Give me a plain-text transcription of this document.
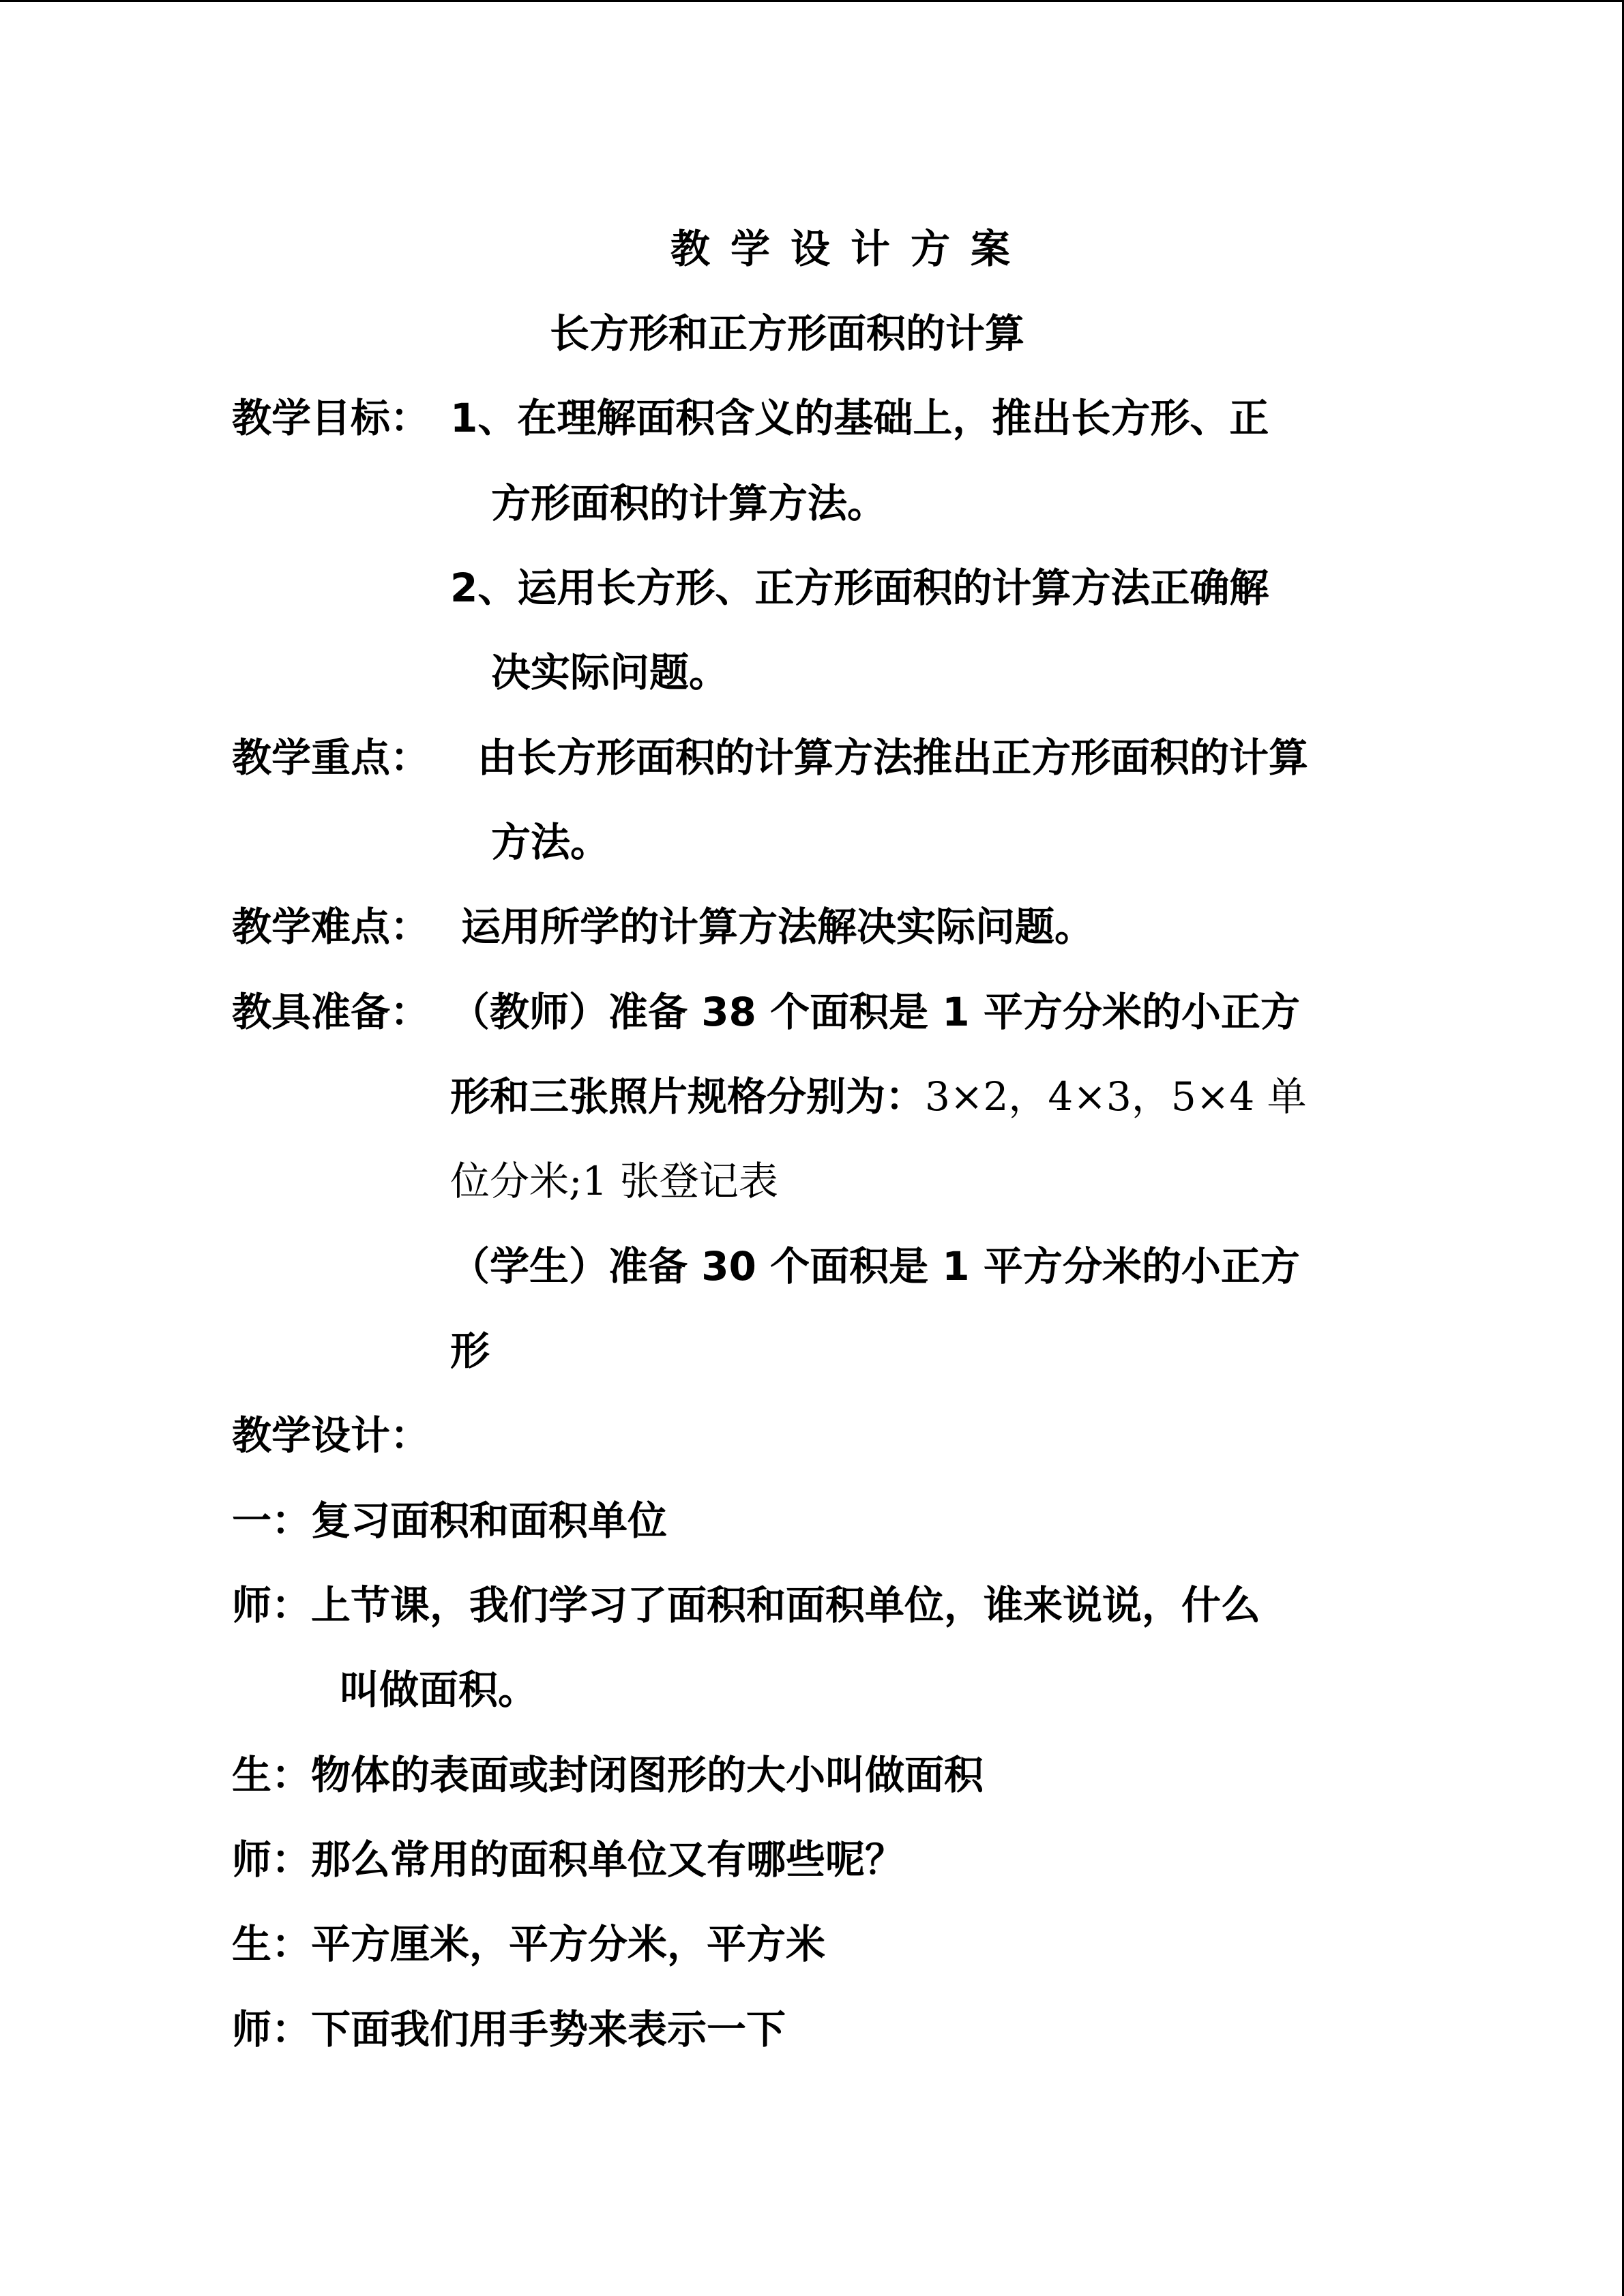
教学设计方案
长方形和正方形面积的计算
教学目标： 1、在理解面积含义的基础上，推出长方形、正
方形面积的计算方法。
2、运用长方形、正方形面积的计算方法正确解
决实际问题。
教学重点： 由长方形面积的计算方法推出正方形面积的计算
方法。
教学难点： 运用所学的计算方法解决实际问题。
教具准备： （教师）准备 38 个面积是 1 平方分米的小正方
形和三张照片规格分别为：3×2，4×3，5×4 单
位分米;1 张登记表
（学生）准备 30 个面积是 1 平方分米的小正方
形
教学设计：
一：复习面积和面积单位
师：上节课，我们学习了面积和面积单位，谁来说说，什么
叫做面积。
生：物体的表面或封闭图形的大小叫做面积
师：那么常用的面积单位又有哪些呢？
生：平方厘米，平方分米，平方米
师：下面我们用手势来表示一下
